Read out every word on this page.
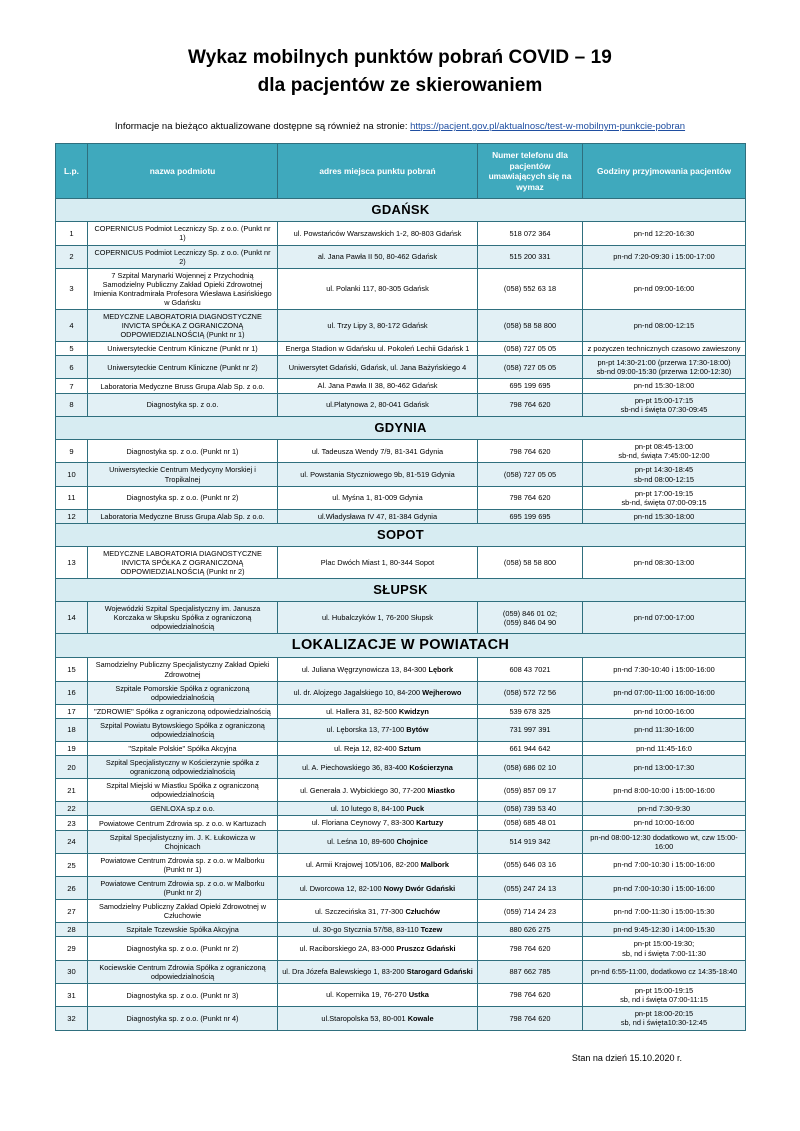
Wykaz mobilnych punktów pobrań COVID – 19
dla pacjentów ze skierowaniem
Informacje na bieżąco aktualizowane dostępne są również na stronie: https://pacjent.gov.pl/aktualnosc/test-w-mobilnym-punkcie-pobran
L.p.	nazwa podmiotu	adres miejsca punktu pobrań	Numer telefonu dla pacjentów umawiających się na wymaz	Godziny przyjmowania pacjentów
GDAŃSK				
1	COPERNICUS Podmiot Leczniczy Sp. z o.o. (Punkt nr 1)	ul. Powstańców Warszawskich 1-2, 80-803 Gdańsk	518 072 364	pn-nd 12:20-16:30
2	COPERNICUS Podmiot Leczniczy Sp. z o.o. (Punkt nr 2)	al. Jana Pawła II 50, 80-462 Gdańsk	515 200 331	pn-nd 7:20-09:30 i 15:00-17:00
3	7 Szpital Marynarki Wojennej z Przychodnią Samodzielny Publiczny Zakład Opieki Zdrowotnej Imienia Kontradmirała Profesora Wiesława Łasińskiego w Gdańsku	ul. Polanki 117, 80-305 Gdańsk	(058) 552 63 18	pn-nd 09:00-16:00
4	MEDYCZNE LABORATORIA DIAGNOSTYCZNE INVICTA SPÓŁKA Z OGRANICZONĄ ODPOWIEDZIALNOŚCIĄ (Punkt nr 1)	ul. Trzy Lipy 3, 80-172 Gdańsk	(058) 58 58 800	pn-nd 08:00-12:15
5	Uniwersyteckie Centrum Kliniczne (Punkt nr 1)	Energa Stadion w Gdańsku ul. Pokoleń Lechii Gdańsk 1	(058) 727 05 05	z pozyczen technicznych czasowo zawieszony
6	Uniwersyteckie Centrum Kliniczne (Punkt nr 2)	Uniwersytet Gdański, Gdańsk, ul. Jana Bażyńskiego 4	(058) 727 05 05	pn-pt 14:30-21:00 (przerwa 17:30-18:00)
sb-nd 09:00-15:30 (przerwa 12:00-12:30)
7	Laboratoria Medyczne Bruss Grupa Alab Sp. z o.o.	Al. Jana Pawła II 38, 80-462 Gdańsk	695 199 695	pn-nd 15:30-18:00
8	Diagnostyka sp. z o.o.	ul.Platynowa 2, 80-041 Gdańsk	798 764 620	pn-pt 15:00-17:15
sb-nd i święta 07:30-09:45
GDYNIA				
9	Diagnostyka sp. z o.o. (Punkt nr 1)	ul. Tadeusza Wendy 7/9, 81-341 Gdynia	798 764 620	pn-pt 08:45-13:00
sb-nd, świąta 7:45:00-12:00
10	Uniwersyteckie Centrum Medycyny Morskiej i Tropikalnej	ul. Powstania Styczniowego 9b, 81-519 Gdynia	(058) 727 05 05	pn-pt 14:30-18:45
sb-nd 08:00-12:15
11	Diagnostyka sp. z o.o. (Punkt nr 2)	ul. Myśna 1, 81-009 Gdynia	798 764 620	pn-pt 17:00-19:15
sb-nd, święta 07:00-09:15
12	Laboratoria Medyczne Bruss Grupa Alab Sp. z o.o.	ul.Władysława IV 47, 81-384 Gdynia	695 199 695	pn-nd 15:30-18:00
SOPOT				
13	MEDYCZNE LABORATORIA DIAGNOSTYCZNE INVICTA SPÓŁKA Z OGRANICZONĄ ODPOWIEDZIALNOŚCIĄ (Punkt nr 2)	Plac Dwóch Miast 1, 80-344 Sopot	(058) 58 58 800	pn-nd 08:30-13:00
SŁUPSK				
14	Wojewódzki Szpital Specjalistyczny im. Janusza Korczaka w Słupsku Spółka z ograniczoną odpowiedzialnością	ul. Hubalczyków 1, 76-200 Słupsk	(059) 846 01 02;
(059) 846 04 90	pn-nd 07:00-17:00
LOKALIZACJE W POWIATACH				
15	Samodzielny Publiczny Specjalistyczny Zakład Opieki Zdrowotnej	ul. Juliana Węgrzynowicza 13, 84-300 Lębork	608 43 7021	pn-nd 7:30-10:40 i 15:00-16:00
16	Szpitale Pomorskie Spółka z ograniczoną odpowiedzialnością	ul. dr. Alojzego Jagalskiego 10, 84-200 Wejherowo	(058) 572 72 56	pn-nd 07:00-11:00 16:00-16:00
17	"ZDROWIE" Spółka z ograniczoną odpowiedzialnością	ul. Hallera 31, 82-500 Kwidzyn	539 678 325	pn-nd 10:00-16:00
18	Szpital Powiatu Bytowskiego Spółka z ograniczoną odpowiedzialnością	ul. Lęborska 13, 77-100 Bytów	731 997 391	pn-nd 11:30-16:00
19	"Szpitale Polskie" Spółka Akcyjna	ul. Reja 12, 82-400 Sztum	661 944 642	pn-nd 11:45-16:0
20	Szpital Specjalistyczny w Kościerzynie spółka z ograniczoną odpowiedzialnością	ul. A. Piechowskiego 36, 83-400 Kościerzyna	(058) 686 02 10	pn-nd 13:00-17:30
21	Szpital Miejski w Miastku Spółka z ograniczoną odpowiedzialnością	ul. Generała J. Wybickiego 30, 77-200 Miastko	(059) 857 09 17	pn-nd 8:00-10:00 i 15:00-16:00
22	GENLOXA sp.z o.o.	ul. 10 lutego 8, 84-100 Puck	(058) 739 53 40	pn-nd 7:30-9:30
23	Powiatowe Centrum Zdrowia sp. z o.o. w Kartuzach	ul. Floriana Ceynowy 7, 83-300 Kartuzy	(058) 685 48 01	pn-nd 10:00-16:00
24	Szpital Specjalistyczny im. J. K. Łukowicza w Chojnicach	ul. Leśna 10, 89-600 Chojnice	514 919 342	pn-nd 08:00-12:30 dodatkowo wt, czw 15:00-16:00
25	Powiatowe Centrum Zdrowia sp. z o.o. w Malborku (Punkt nr 1)	ul. Armii Krajowej 105/106, 82-200 Malbork	(055) 646 03 16	pn-nd 7:00-10:30 i 15:00-16:00
26	Powiatowe Centrum Zdrowia sp. z o.o. w Malborku (Punkt nr 2)	ul. Dworcowa 12, 82-100 Nowy Dwór Gdański	(055) 247 24 13	pn-nd 7:00-10:30 i 15:00-16:00
27	Samodzielny Publiczny Zakład Opieki Zdrowotnej w Człuchowie	ul. Szczecińska 31, 77-300 Człuchów	(059) 714 24 23	pn-nd 7:00-11:30 i 15:00-15:30
28	Szpitale Tczewskie Spółka Akcyjna	ul. 30-go Stycznia 57/58, 83-110 Tczew	880 626 275	pn-nd 9:45-12:30 i 14:00-15:30
29	Diagnostyka sp. z o.o. (Punkt nr 2)	ul. Raciborskiego 2A, 83-000 Pruszcz Gdański	798 764 620	pn-pt 15:00-19:30;
sb, nd i święta 7:00-11:30
30	Kociewskie Centrum Zdrowia Spółka z ograniczoną odpowiedzialnością	ul. Dra Józefa Balewskiego 1, 83-200 Starogard Gdański	887 662 785	pn-nd 6:55-11:00, dodatkowo cz 14:35-18:40
31	Diagnostyka sp. z o.o. (Punkt nr 3)	ul. Kopernika 19, 76-270 Ustka	798 764 620	pn-pt 15:00-19:15
sb, nd i święta 07:00-11:15
32	Diagnostyka sp. z o.o. (Punkt nr 4)	ul.Staropolska 53, 80-001 Kowale	798 764 620	pn-pt 18:00-20:15
sb, nd i święta10:30-12:45
Stan na dzień 15.10.2020 r.
